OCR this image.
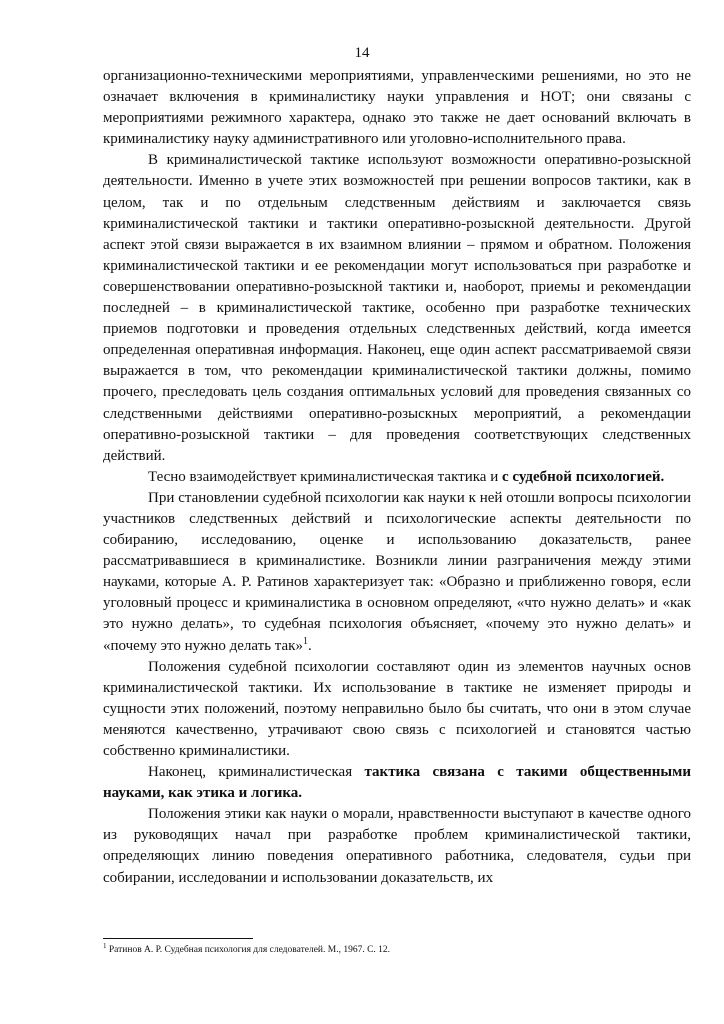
14

организационно-техническими мероприятиями, управленческими решениями, но это не означает включения в криминалистику науки управления и НОТ; они связаны с мероприятиями режимного характера, однако это также не дает оснований включать в криминалистику науку административного или уголовно-исполнительного права.

В криминалистической тактике используют возможности оперативно-розыскной деятельности. Именно в учете этих возможностей при решении вопросов тактики, как в целом, так и по отдельным следственным действиям и заключается связь криминалистической тактики и тактики оперативно-розыскной деятельности. Другой аспект этой связи выражается в их взаимном влиянии – прямом и обратном. Положения криминалистической тактики и ее рекомендации могут использоваться при разработке и совершенствовании оперативно-розыскной тактики и, наоборот, приемы и рекомендации последней – в криминалистической тактике, особенно при разработке технических приемов подготовки и проведения отдельных следственных действий, когда имеется определенная оперативная информация. Наконец, еще один аспект рассматриваемой связи выражается в том, что рекомендации криминалистической тактики должны, помимо прочего, преследовать цель создания оптимальных условий для проведения связанных со следственными действиями оперативно-розыскных мероприятий, а рекомендации оперативно-розыскной тактики – для проведения соответствующих следственных действий.

Тесно взаимодействует криминалистическая тактика и с судебной психологией.

При становлении судебной психологии как науки к ней отошли вопросы психологии участников следственных действий и психологические аспекты деятельности по собиранию, исследованию, оценке и использованию доказательств, ранее рассматривавшиеся в криминалистике. Возникли линии разграничения между этими науками, которые А. Р. Ратинов характеризует так: «Образно и приближенно говоря, если уголовный процесс и криминалистика в основном определяют, «что нужно делать» и «как это нужно делать», то судебная психология объясняет, «почему это нужно делать» и «почему это нужно делать так»$^1$.

Положения судебной психологии составляют один из элементов научных основ криминалистической тактики. Их использование в тактике не изменяет природы и сущности этих положений, поэтому неправильно было бы считать, что они в этом случае меняются качественно, утрачивают свою связь с психологией и становятся частью собственно криминалистики.

Наконец, криминалистическая тактика связана с такими общественными науками, как этика и логика.

Положения этики как науки о морали, нравственности выступают в качестве одного из руководящих начал при разработке проблем криминалистической тактики, определяющих линию поведения оперативного работника, следователя, судьи при собирании, исследовании и использовании доказательств, их

$^1$ Ратинов А. Р. Судебная психология для следователей. М., 1967. С. 12.
